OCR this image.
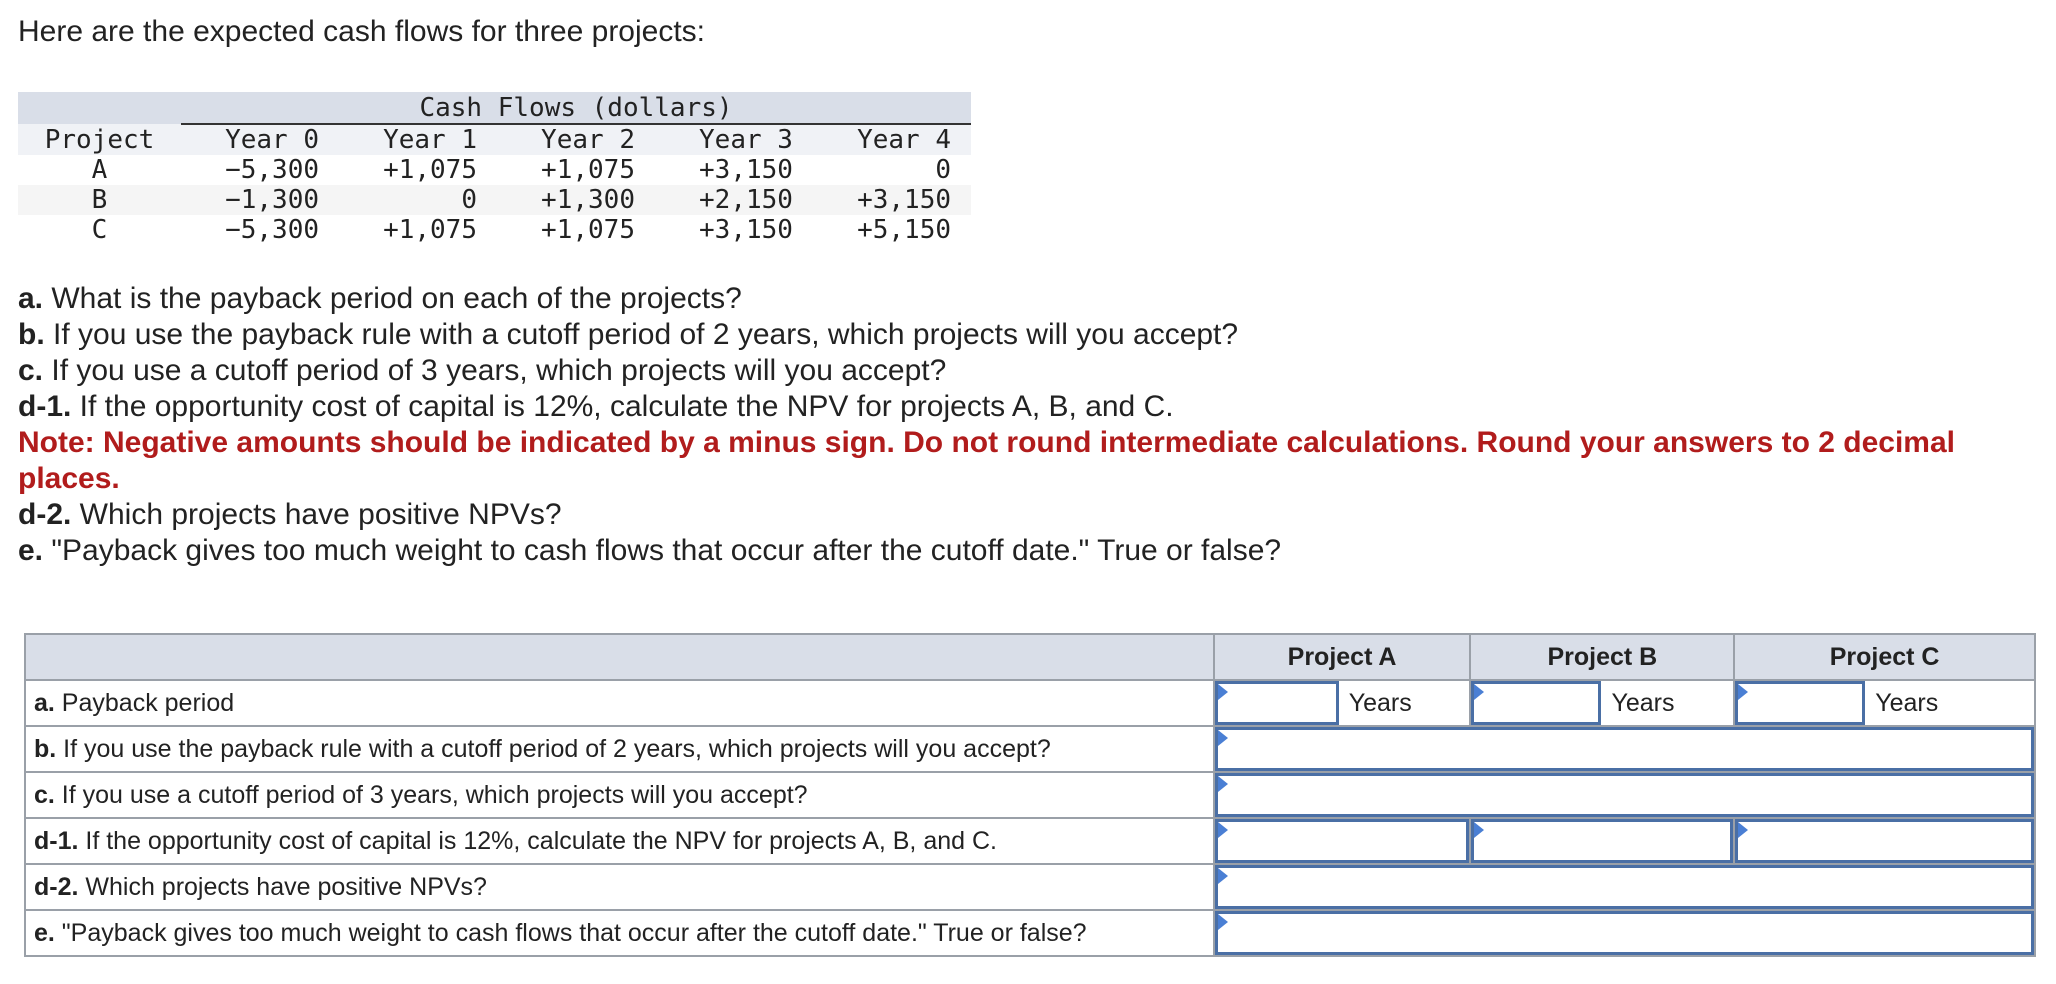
Here are the expected cash flows for three projects:

	Cash Flows (dollars)				
Project	Year 0	Year 1	Year 2	Year 3	Year 4
A	−5,300	+1,075	+1,075	+3,150	0
B	−1,300	0	+1,300	+2,150	+3,150
C	−5,300	+1,075	+1,075	+3,150	+5,150

a. What is the payback period on each of the projects?

b. If you use the payback rule with a cutoff period of 2 years, which projects will you accept?

c. If you use a cutoff period of 3 years, which projects will you accept?

d-1. If the opportunity cost of capital is 12%, calculate the NPV for projects A, B, and C.

Note: Negative amounts should be indicated by a minus sign. Do not round intermediate calculations. Round your answers to 2 decimal places.

d-2. Which projects have positive NPVs?

e. "Payback gives too much weight to cash flows that occur after the cutoff date." True or false?

	Project A	Project B	Project C
a. Payback period	Years	Years	Years

b. If you use the payback rule with a cutoff period of 2 years, which projects will you accept?			

c. If you use a cutoff period of 3 years, which projects will you accept?			

d-1. If the opportunity cost of capital is 12%, calculate the NPV for projects A, B, and C.	

d-2. Which projects have positive NPVs?			

e. "Payback gives too much weight to cash flows that occur after the cutoff date." True or false?			
